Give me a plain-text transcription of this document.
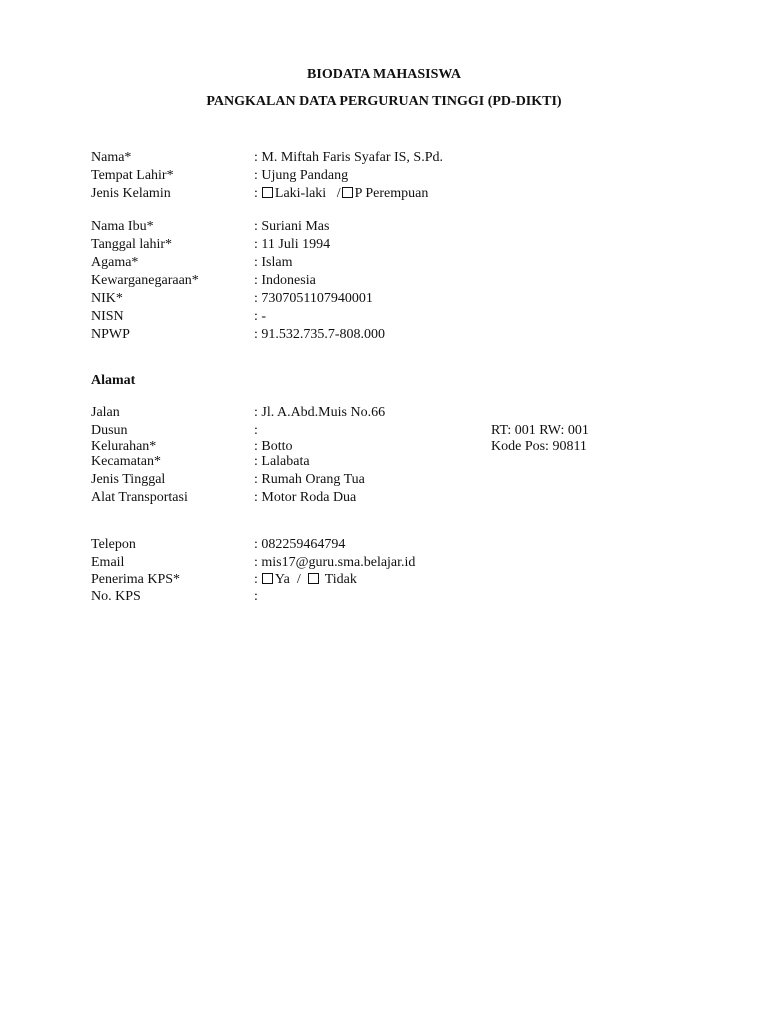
BIODATA MAHASISWA
PANGKALAN DATA PERGURUAN TINGGI (PD-DIKTI)
Nama*	: M. Miftah Faris Syafar IS, S.Pd.
Tempat Lahir*	: Ujung Pandang
Jenis Kelamin	: Laki-laki / P Perempuan
Nama Ibu*	: Suriani Mas
Tanggal lahir*	: 11 Juli 1994
Agama*	: Islam
Kewarganegaraan*	: Indonesia
NIK*	: 7307051107940001
NISN	: -
NPWP	: 91.532.735.7-808.000
Alamat
Jalan	: Jl. A.Abd.Muis No.66
Dusun	:	RT: 001 RW: 001
Kelurahan*	: Botto	Kode Pos: 90811
Kecamatan*	: Lalabata
Jenis Tinggal	: Rumah Orang Tua
Alat Transportasi	: Motor Roda Dua
Telepon	: 082259464794
Email	: mis17@guru.sma.belajar.id
Penerima KPS*	: Ya / Tidak
No. KPS	:
